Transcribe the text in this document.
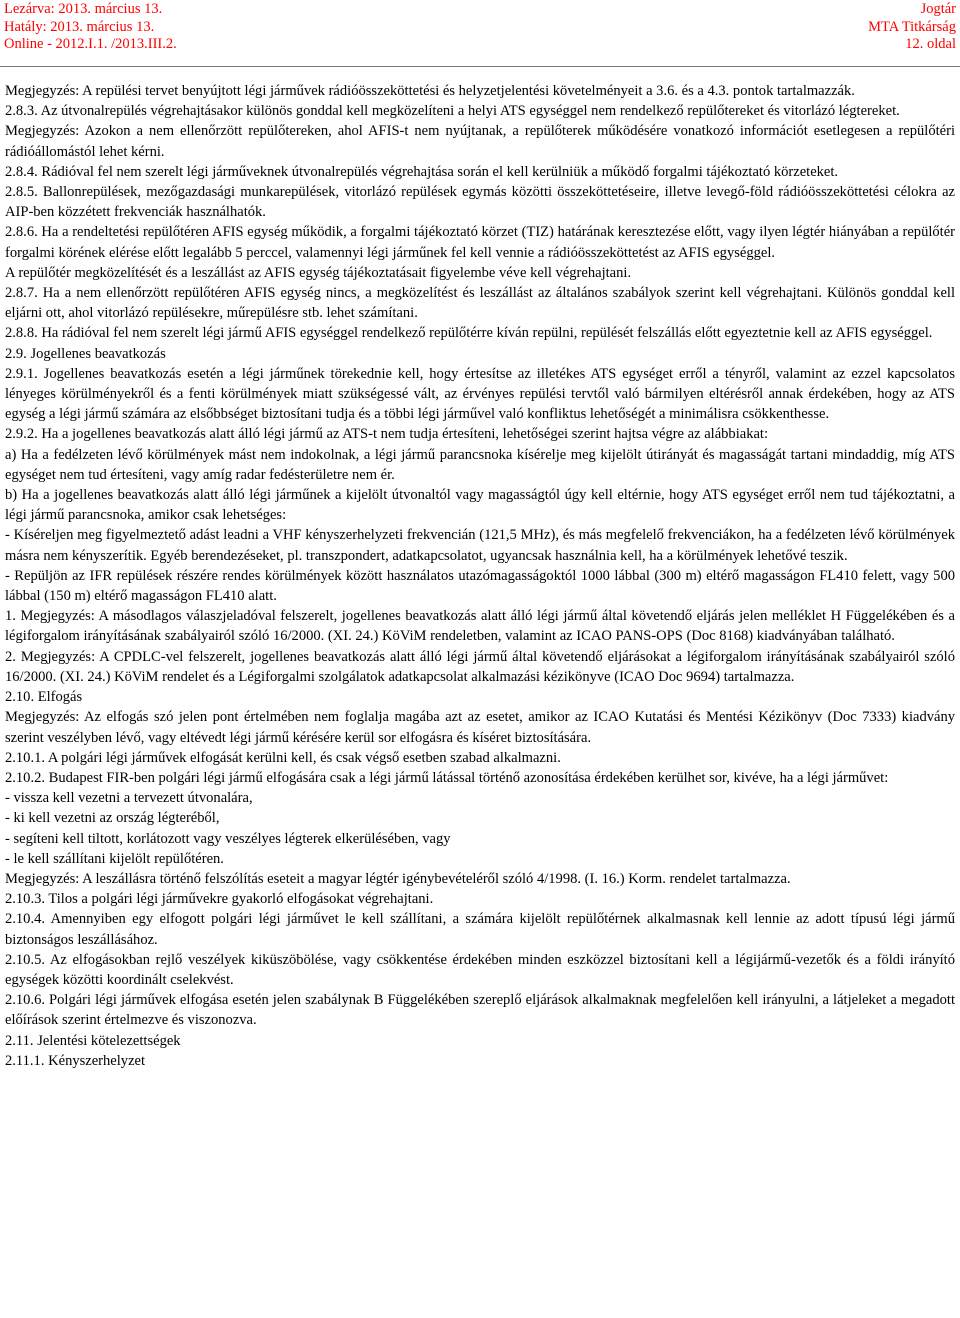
Lezárva: 2013. március 13.
Hatály: 2013. március 13.
Online - 2012.I.1. /2013.III.2.
Jogtár
MTA Titkárság
12. oldal

Megjegyzés: A repülési tervet benyújtott légi járművek rádióösszeköttetési és helyzetjelentési követelményeit a 3.6. és a 4.3. pontok tartalmazzák.

2.8.3. Az útvonalrepülés végrehajtásakor különös gonddal kell megközelíteni a helyi ATS egységgel nem rendelkező repülőtereket és vitorlázó légtereket.

Megjegyzés: Azokon a nem ellenőrzött repülőtereken, ahol AFIS-t nem nyújtanak, a repülőterek működésére vonatkozó információt esetlegesen a repülőtéri rádióállomástól lehet kérni.

2.8.4. Rádióval fel nem szerelt légi járműveknek útvonalrepülés végrehajtása során el kell kerülniük a működő forgalmi tájékoztató körzeteket.

2.8.5. Ballonrepülések, mezőgazdasági munkarepülések, vitorlázó repülések egymás közötti összeköttetéseire, illetve levegő-föld rádióösszeköttetési célokra az AIP-ben közzétett frekvenciák használhatók.

2.8.6. Ha a rendeltetési repülőtéren AFIS egység működik, a forgalmi tájékoztató körzet (TIZ) határának keresztezése előtt, vagy ilyen légtér hiányában a repülőtér forgalmi körének elérése előtt legalább 5 perccel, valamennyi légi járműnek fel kell vennie a rádióösszeköttetést az AFIS egységgel.

A repülőtér megközelítését és a leszállást az AFIS egység tájékoztatásait figyelembe véve kell végrehajtani.

2.8.7. Ha a nem ellenőrzött repülőtéren AFIS egység nincs, a megközelítést és leszállást az általános szabályok szerint kell végrehajtani. Különös gonddal kell eljárni ott, ahol vitorlázó repülésekre, műrepülésre stb. lehet számítani.

2.8.8. Ha rádióval fel nem szerelt légi jármű AFIS egységgel rendelkező repülőtérre kíván repülni, repülését felszállás előtt egyeztetnie kell az AFIS egységgel.

2.9. Jogellenes beavatkozás

2.9.1. Jogellenes beavatkozás esetén a légi járműnek törekednie kell, hogy értesítse az illetékes ATS egységet erről a tényről, valamint az ezzel kapcsolatos lényeges körülményekről és a fenti körülmények miatt szükségessé vált, az érvényes repülési tervtől való bármilyen eltérésről annak érdekében, hogy az ATS egység a légi jármű számára az elsőbbséget biztosítani tudja és a többi légi járművel való konfliktus lehetőségét a minimálisra csökkenthesse.

2.9.2. Ha a jogellenes beavatkozás alatt álló légi jármű az ATS-t nem tudja értesíteni, lehetőségei szerint hajtsa végre az alábbiakat:

a) Ha a fedélzeten lévő körülmények mást nem indokolnak, a légi jármű parancsnoka kísérelje meg kijelölt útirányát és magasságát tartani mindaddig, míg ATS egységet nem tud értesíteni, vagy amíg radar fedésterületre nem ér.

b) Ha a jogellenes beavatkozás alatt álló légi járműnek a kijelölt útvonaltól vagy magasságtól úgy kell eltérnie, hogy ATS egységet erről nem tud tájékoztatni, a légi jármű parancsnoka, amikor csak lehetséges:

- Kíséreljen meg figyelmeztető adást leadni a VHF kényszerhelyzeti frekvencián (121,5 MHz), és más megfelelő frekvenciákon, ha a fedélzeten lévő körülmények másra nem kényszerítik. Egyéb berendezéseket, pl. transzpondert, adatkapcsolatot, ugyancsak használnia kell, ha a körülmények lehetővé teszik.

- Repüljön az IFR repülések részére rendes körülmények között használatos utazómagasságoktól 1000 lábbal (300 m) eltérő magasságon FL410 felett, vagy 500 lábbal (150 m) eltérő magasságon FL410 alatt.

1. Megjegyzés: A másodlagos válaszjeladóval felszerelt, jogellenes beavatkozás alatt álló légi jármű által követendő eljárás jelen melléklet H Függelékében és a légiforgalom irányításának szabályairól szóló 16/2000. (XI. 24.) KöViM rendeletben, valamint az ICAO PANS-OPS (Doc 8168) kiadványában található.

2. Megjegyzés: A CPDLC-vel felszerelt, jogellenes beavatkozás alatt álló légi jármű által követendő eljárásokat a légiforgalom irányításának szabályairól szóló 16/2000. (XI. 24.) KöViM rendelet és a Légiforgalmi szolgálatok adatkapcsolat alkalmazási kézikönyve (ICAO Doc 9694) tartalmazza.

2.10. Elfogás

Megjegyzés: Az elfogás szó jelen pont értelmében nem foglalja magába azt az esetet, amikor az ICAO Kutatási és Mentési Kézikönyv (Doc 7333) kiadvány szerint veszélyben lévő, vagy eltévedt légi jármű kérésére kerül sor elfogásra és kíséret biztosítására.

2.10.1. A polgári légi járművek elfogását kerülni kell, és csak végső esetben szabad alkalmazni.

2.10.2. Budapest FIR-ben polgári légi jármű elfogására csak a légi jármű látással történő azonosítása érdekében kerülhet sor, kivéve, ha a légi járművet:

- vissza kell vezetni a tervezett útvonalára,

- ki kell vezetni az ország légteréből,

- segíteni kell tiltott, korlátozott vagy veszélyes légterek elkerülésében, vagy

- le kell szállítani kijelölt repülőtéren.

Megjegyzés: A leszállásra történő felszólítás eseteit a magyar légtér igénybevételéről szóló 4/1998. (I. 16.) Korm. rendelet tartalmazza.

2.10.3. Tilos a polgári légi járművekre gyakorló elfogásokat végrehajtani.

2.10.4. Amennyiben egy elfogott polgári légi járművet le kell szállítani, a számára kijelölt repülőtérnek alkalmasnak kell lennie az adott típusú légi jármű biztonságos leszállásához.

2.10.5. Az elfogásokban rejlő veszélyek kiküszöbölése, vagy csökkentése érdekében minden eszközzel biztosítani kell a légijármű-vezetők és a földi irányító egységek közötti koordinált cselekvést.

2.10.6. Polgári légi járművek elfogása esetén jelen szabálynak B Függelékében szereplő eljárások alkalmaknak megfelelően kell irányulni, a látjeleket a megadott előírások szerint értelmezve és viszonozva.

2.11. Jelentési kötelezettségek

2.11.1. Kényszerhelyzet
